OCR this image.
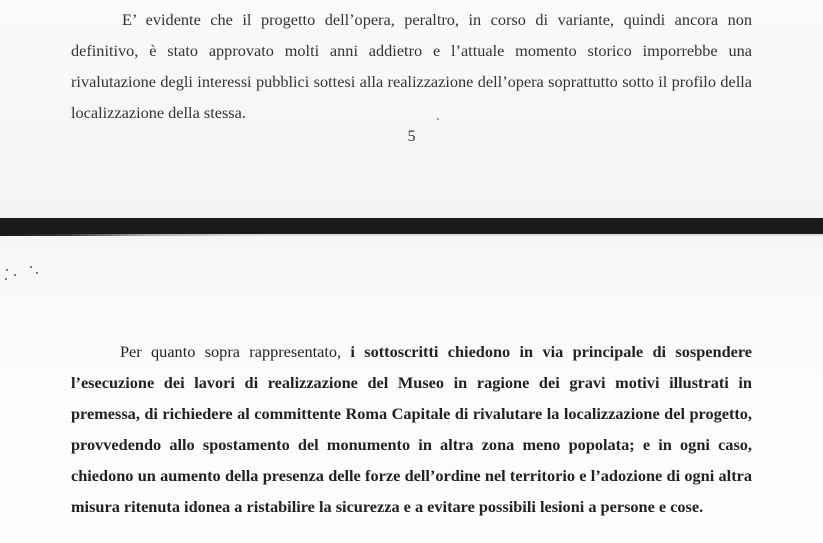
E’ evidente che il progetto dell’opera, peraltro, in corso di variante, quindi ancora non definitivo, è stato approvato molti anni addietro e l’attuale momento storico imporrebbe una rivalutazione degli interessi pubblici sottesi alla realizzazione dell’opera soprattutto sotto il profilo della localizzazione della stessa.

5

Per quanto sopra rappresentato, i sottoscritti chiedono in via principale di sospendere l’esecuzione dei lavori di realizzazione del Museo in ragione dei gravi motivi illustrati in premessa, di richiedere al committente Roma Capitale di rivalutare la localizzazione del progetto, provvedendo allo spostamento del monumento in altra zona meno popolata; e in ogni caso, chiedono un aumento della presenza delle forze dell’ordine nel territorio e l’adozione di ogni altra misura ritenuta idonea a ristabilire la sicurezza e a evitare possibili lesioni a persone e cose.
